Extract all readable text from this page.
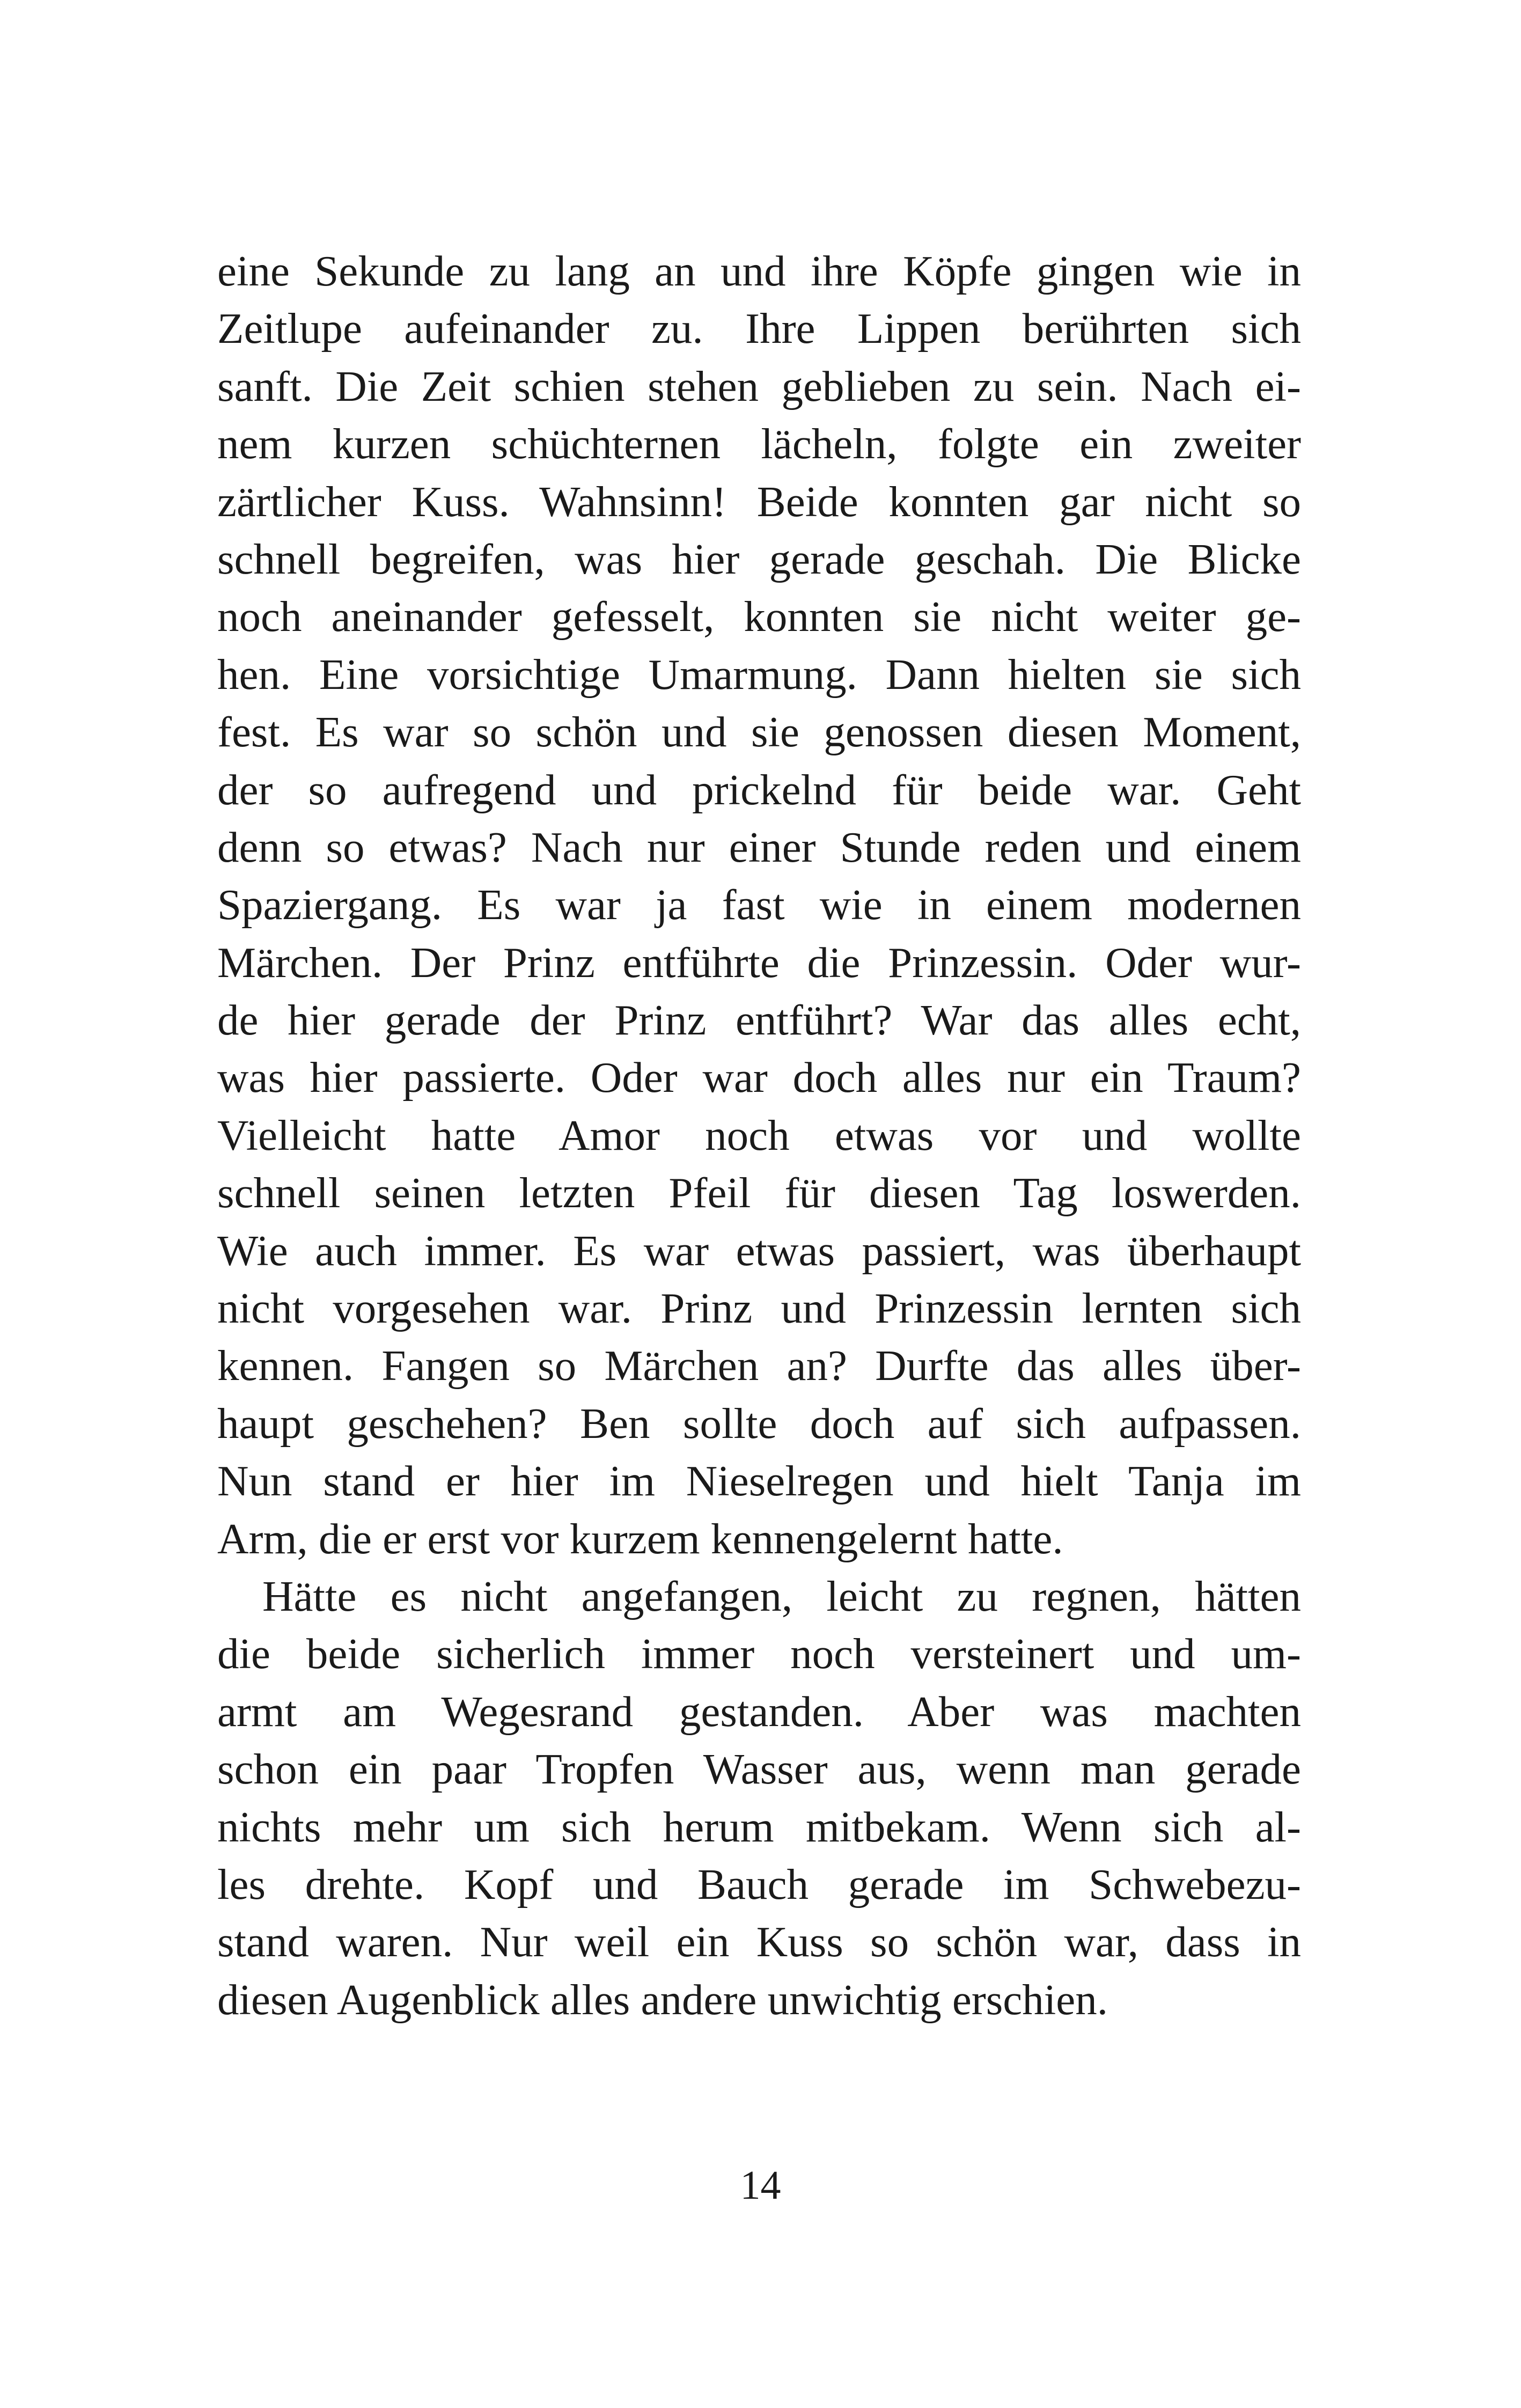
eine Sekunde zu lang an und ihre Köpfe gingen wie in
Zeitlupe aufeinander zu. Ihre Lippen berührten sich
sanft. Die Zeit schien stehen geblieben zu sein. Nach ei-
nem kurzen schüchternen lächeln, folgte ein zweiter
zärtlicher Kuss. Wahnsinn! Beide konnten gar nicht so
schnell begreifen, was hier gerade geschah. Die Blicke
noch aneinander gefesselt, konnten sie nicht weiter ge-
hen. Eine vorsichtige Umarmung. Dann hielten sie sich
fest. Es war so schön und sie genossen diesen Moment,
der so aufregend und prickelnd für beide war. Geht
denn so etwas? Nach nur einer Stunde reden und einem
Spaziergang. Es war ja fast wie in einem modernen
Märchen. Der Prinz entführte die Prinzessin. Oder wur-
de hier gerade der Prinz entführt? War das alles echt,
was hier passierte. Oder war doch alles nur ein Traum?
Vielleicht hatte Amor noch etwas vor und wollte
schnell seinen letzten Pfeil für diesen Tag loswerden.
Wie auch immer. Es war etwas passiert, was überhaupt
nicht vorgesehen war. Prinz und Prinzessin lernten sich
kennen. Fangen so Märchen an? Durfte das alles über-
haupt geschehen? Ben sollte doch auf sich aufpassen.
Nun stand er hier im Nieselregen und hielt Tanja im
Arm, die er erst vor kurzem kennengelernt hatte.
Hätte es nicht angefangen, leicht zu regnen, hätten
die beide sicherlich immer noch versteinert und um-
armt am Wegesrand gestanden. Aber was machten
schon ein paar Tropfen Wasser aus, wenn man gerade
nichts mehr um sich herum mitbekam. Wenn sich al-
les drehte. Kopf und Bauch gerade im Schwebezu-
stand waren. Nur weil ein Kuss so schön war, dass in
diesen Augenblick alles andere unwichtig erschien.
14
